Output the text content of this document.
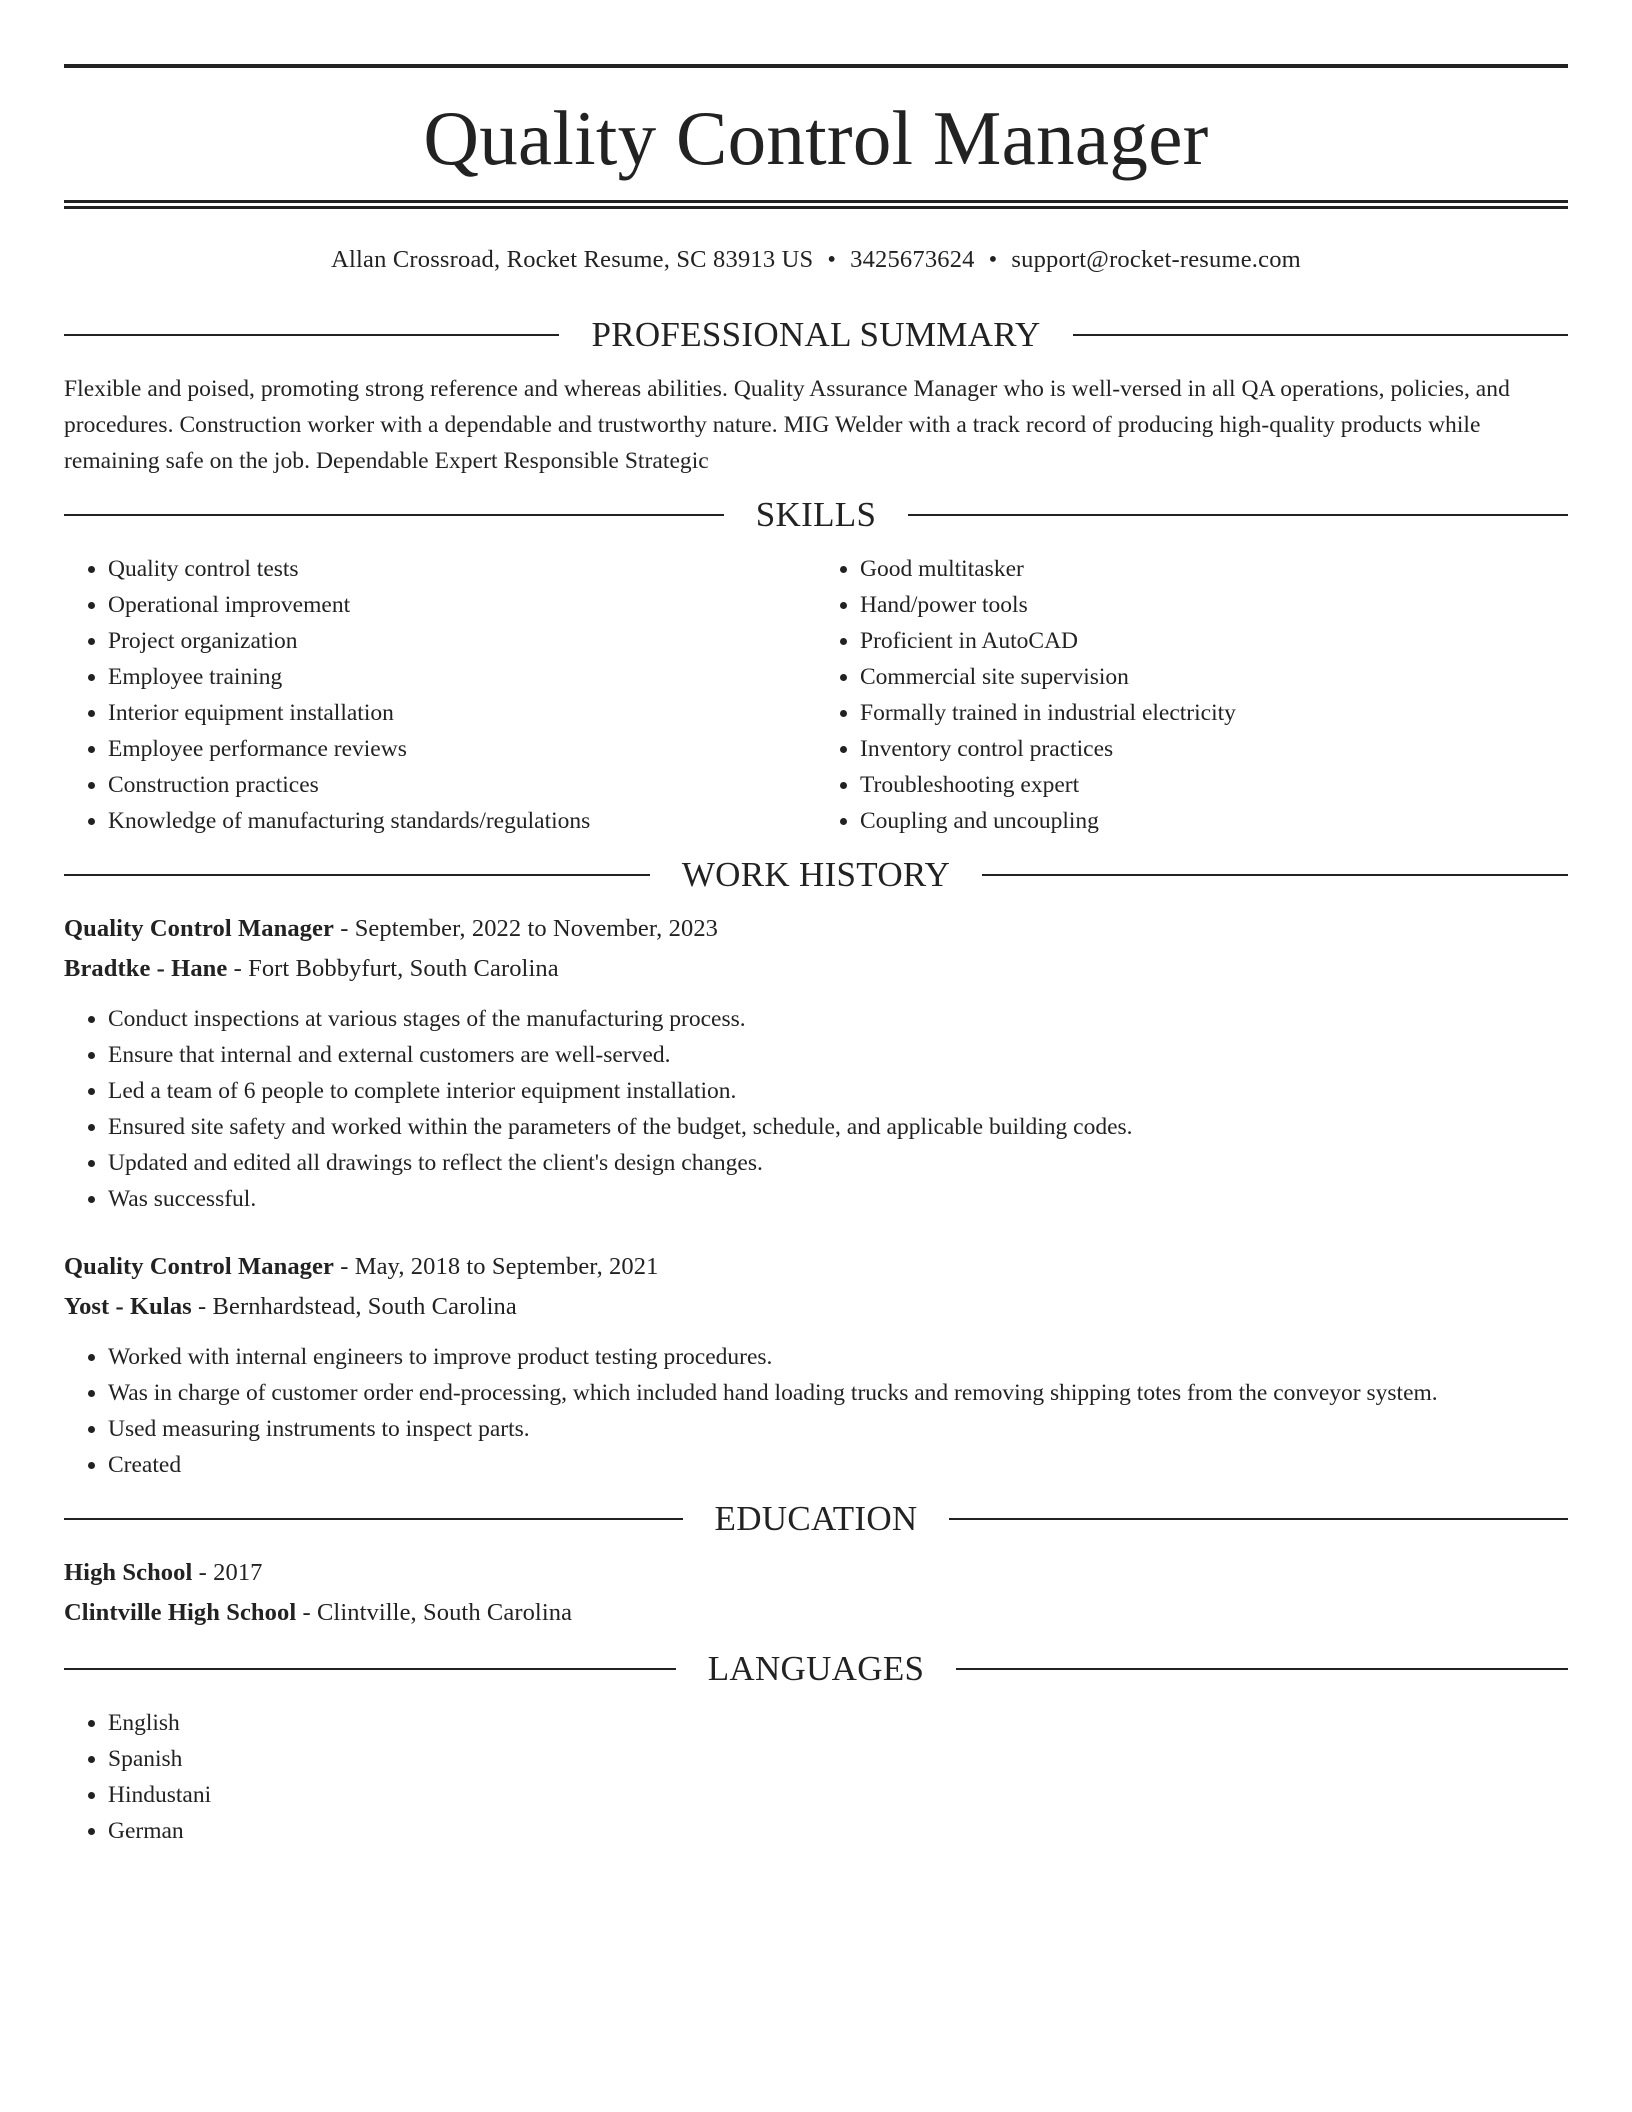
Quality Control Manager
Allan Crossroad, Rocket Resume, SC 83913 US • 3425673624 • support@rocket-resume.com
PROFESSIONAL SUMMARY
Flexible and poised, promoting strong reference and whereas abilities. Quality Assurance Manager who is well-versed in all QA operations, policies, and procedures. Construction worker with a dependable and trustworthy nature. MIG Welder with a track record of producing high-quality products while remaining safe on the job. Dependable Expert Responsible Strategic
SKILLS
• Quality control tests
• Operational improvement
• Project organization
• Employee training
• Interior equipment installation
• Employee performance reviews
• Construction practices
• Knowledge of manufacturing standards/regulations
• Good multitasker
• Hand/power tools
• Proficient in AutoCAD
• Commercial site supervision
• Formally trained in industrial electricity
• Inventory control practices
• Troubleshooting expert
• Coupling and uncoupling
WORK HISTORY
Quality Control Manager - September, 2022 to November, 2023
Bradtke - Hane - Fort Bobbyfurt, South Carolina
• Conduct inspections at various stages of the manufacturing process.
• Ensure that internal and external customers are well-served.
• Led a team of 6 people to complete interior equipment installation.
• Ensured site safety and worked within the parameters of the budget, schedule, and applicable building codes.
• Updated and edited all drawings to reflect the client's design changes.
• Was successful.
Quality Control Manager - May, 2018 to September, 2021
Yost - Kulas - Bernhardstead, South Carolina
• Worked with internal engineers to improve product testing procedures.
• Was in charge of customer order end-processing, which included hand loading trucks and removing shipping totes from the conveyor system.
• Used measuring instruments to inspect parts.
• Created
EDUCATION
High School - 2017
Clintville High School - Clintville, South Carolina
LANGUAGES
• English
• Spanish
• Hindustani
• German
